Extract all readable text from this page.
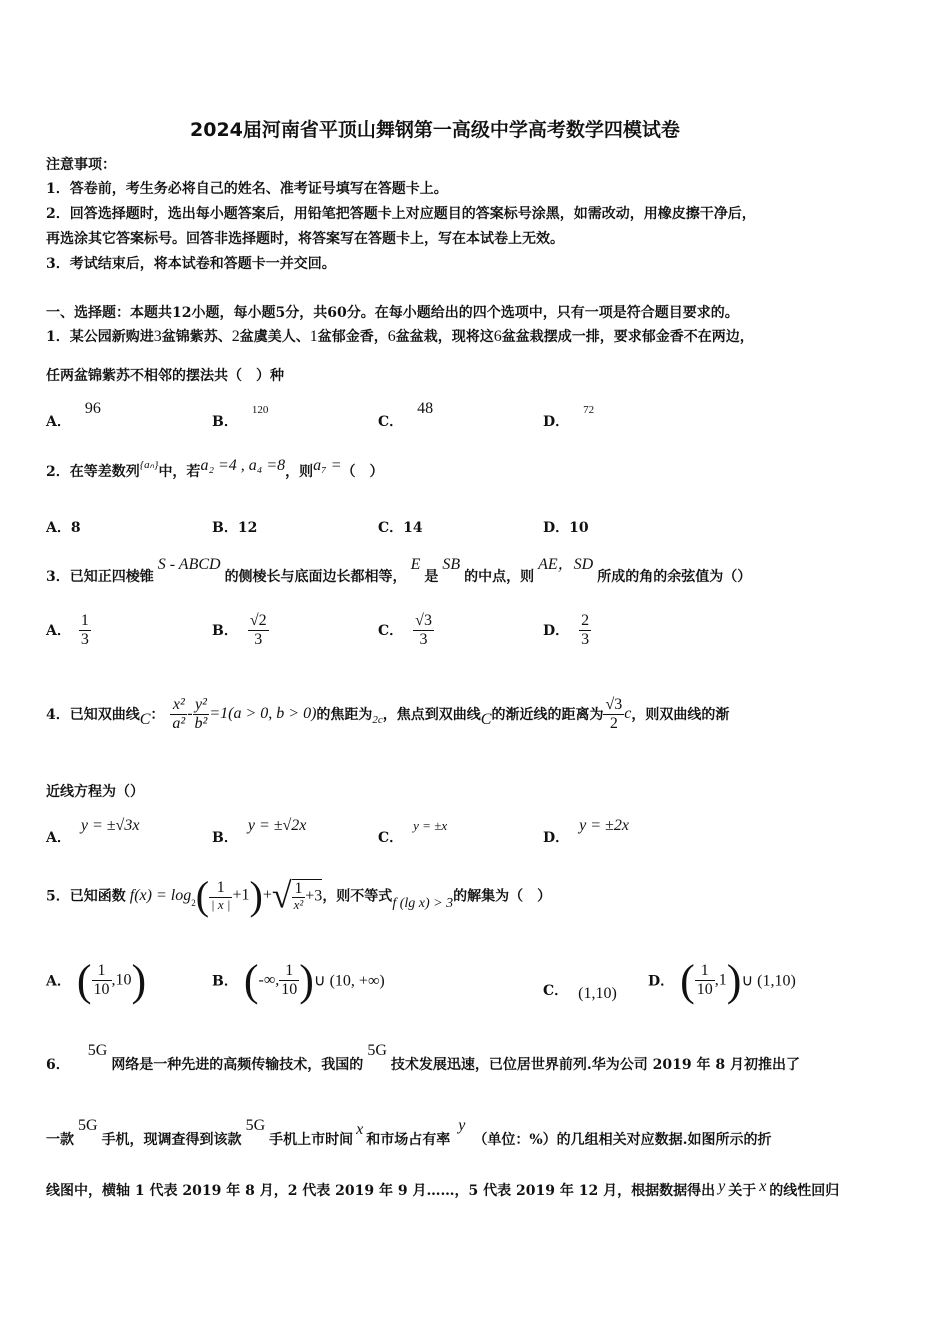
2024届河南省平顶山舞钢第一高级中学高考数学四模试卷
注意事项：
1．答卷前，考生务必将自己的姓名、准考证号填写在答题卡上。
2．回答选择题时，选出每小题答案后，用铅笔把答题卡上对应题目的答案标号涂黑，如需改动，用橡皮擦干净后，
再选涂其它答案标号。回答非选择题时，将答案写在答题卡上，写在本试卷上无效。
3．考试结束后，将本试卷和答题卡一并交回。
一、选择题：本题共12小题，每小题5分，共60分。在每小题给出的四个选项中，只有一项是符合题目要求的。
1．某公园新购进3盆锦紫苏、2盆虞美人、1盆郁金香，6盆盆栽，现将这6盆盆栽摆成一排，要求郁金香不在两边，
任两盆锦紫苏不相邻的摆法共（　）种
A．96
B．120
C．48
D．72
2．在等差数列$^{\{a_n\}}$中，若a₂ =4 , a₄ =8，则a₇ =（　）
A．8	B．12	C．14	D．10
3．已知正四棱锥S - ABCD的侧棱长与底面边长都相等，E是SB的中点，则AE，SD所成的角的余弦值为（）
A． $\frac{1}{3}$	B． $\frac{√2}{3}$	C． $\frac{√3}{3}$	D． $\frac{2}{3}$
4．已知双曲线C： $\frac{\text{x²}}{\text{a²}} - \frac{\text{y²}}{\text{b²}} =1(a > 0$, b > 0)的焦距为$_{2c}$，焦点到双曲线C的渐近线的距离为 $\frac{√3}{2}$ c，则双曲线的渐
近线方程为（）
A．y = ±√3x
B．y = ±√2x
C．y = ±x
D．y = ±2x
5．已知函数 $f(x) = \log_2( \frac{1}{| x |} +1)+√ \frac{1}{\text{x²}} +3$，则不等式f (lg x) > 3的解集为（　）
A． ( $\frac{1}{10} ,10$)	B． (-∞, $\frac{1}{10}$ )∪ (10, +∞)
C． (1,10)
D． ( $\frac{1}{10}$ ,1)∪ (1,10)
6．5G网络是一种先进的高频传输技术，我国的5G技术发展迅速，已位居世界前列.华为公司 2019 年 8 月初推出了
一款5G手机，现调查得到该款5G手机上市时间x和市场占有率y（单位：%）的几组相关对应数据.如图所示的折
线图中，横轴 1 代表 2019 年 8 月，2 代表 2019 年 9 月……，5 代表 2019 年 12 月，根据数据得出 y 关于 x 的线性回归
